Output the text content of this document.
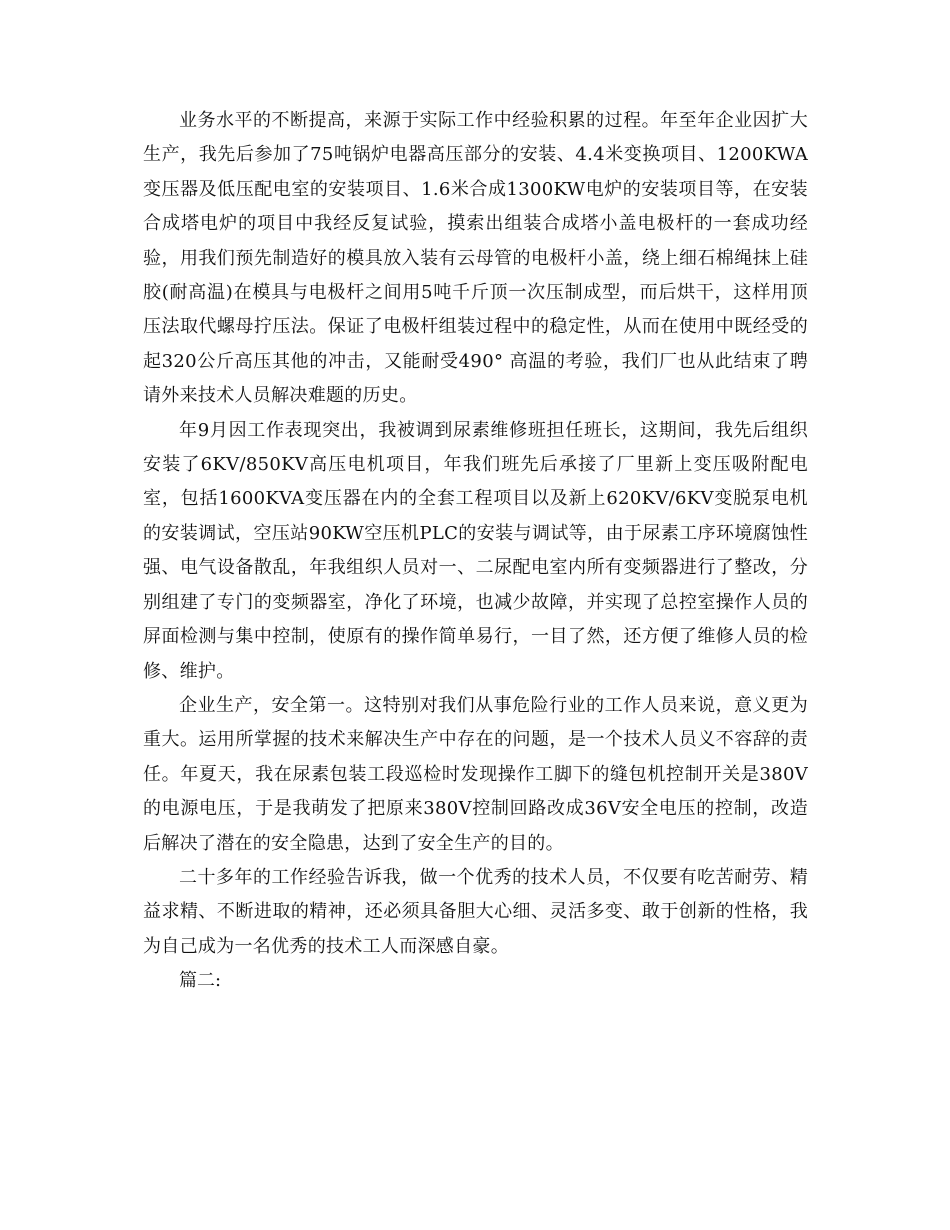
业务水平的不断提高，来源于实际工作中经验积累的过程。年至年企业因扩大生产，我先后参加了75吨锅炉电器高压部分的安装、4.4米变换项目、1200KWA变压器及低压配电室的安装项目、1.6米合成1300KW电炉的安装项目等，在安装合成塔电炉的项目中我经反复试验，摸索出组装合成塔小盖电极杆的一套成功经验，用我们预先制造好的模具放入装有云母管的电极杆小盖，绕上细石棉绳抹上硅胶(耐高温)在模具与电极杆之间用5吨千斤顶一次压制成型，而后烘干，这样用顶压法取代螺母拧压法。保证了电极杆组装过程中的稳定性，从而在使用中既经受的起320公斤高压其他的冲击，又能耐受490° 高温的考验，我们厂也从此结束了聘请外来技术人员解决难题的历史。

年9月因工作表现突出，我被调到尿素维修班担任班长，这期间，我先后组织安装了6KV/850KV高压电机项目，年我们班先后承接了厂里新上变压吸附配电室，包括1600KVA变压器在内的全套工程项目以及新上620KV/6KV变脱泵电机的安装调试，空压站90KW空压机PLC的安装与调试等，由于尿素工序环境腐蚀性强、电气设备散乱，年我组织人员对一、二尿配电室内所有变频器进行了整改，分别组建了专门的变频器室，净化了环境，也减少故障，并实现了总控室操作人员的屏面检测与集中控制，使原有的操作简单易行，一目了然，还方便了维修人员的检修、维护。

企业生产，安全第一。这特别对我们从事危险行业的工作人员来说，意义更为重大。运用所掌握的技术来解决生产中存在的问题，是一个技术人员义不容辞的责任。年夏天，我在尿素包装工段巡检时发现操作工脚下的缝包机控制开关是380V的电源电压，于是我萌发了把原来380V控制回路改成36V安全电压的控制，改造后解决了潜在的安全隐患，达到了安全生产的目的。

二十多年的工作经验告诉我，做一个优秀的技术人员，不仅要有吃苦耐劳、精益求精、不断进取的精神，还必须具备胆大心细、灵活多变、敢于创新的性格，我为自己成为一名优秀的技术工人而深感自豪。

篇二:
